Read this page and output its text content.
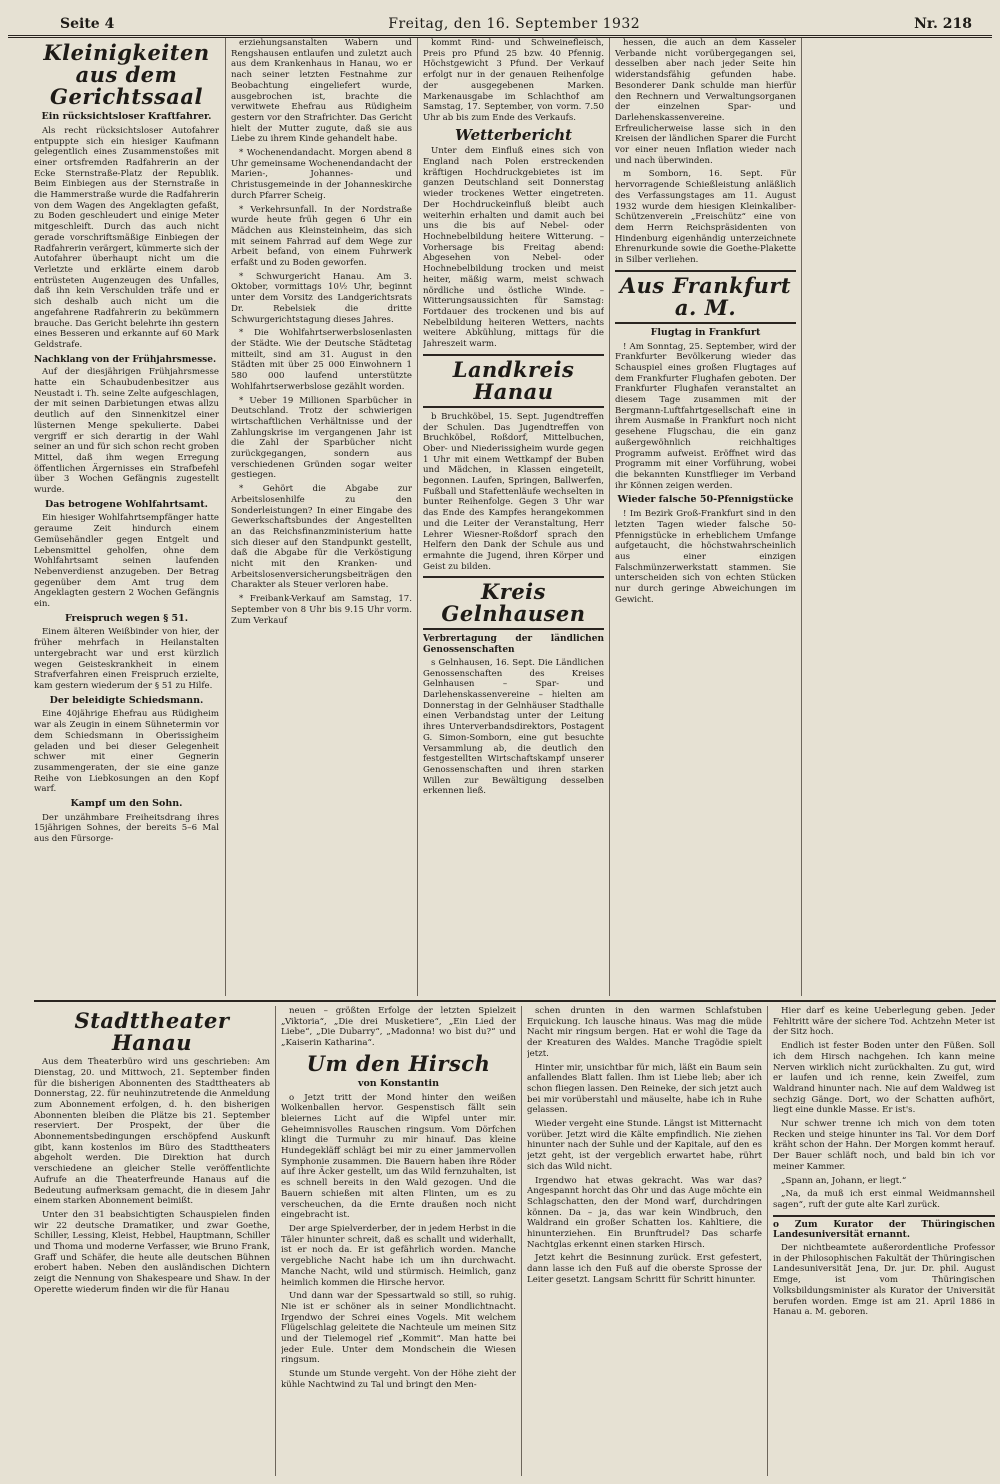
Seite 4	Freitag, den 16. September 1932	Nr. 218
Kleinigkeiten aus dem Gerichtssaal
Ein rücksichtsloser Kraftfahrer.

Als recht rücksichtsloser Autofahrer entpuppte sich ein hiesiger Kaufmann gelegentlich eines Zusammenstoßes mit einer ortsfremden Radfahrerin an der Ecke Sternstraße-Platz der Republik. Beim Einbiegen aus der Sternstraße in die Hammerstraße wurde die Radfahrerin von dem Wagen des Angeklagten gefaßt, zu Boden geschleudert und einige Meter mitgeschleift. Durch das auch nicht gerade vorschriftsmäßige Einbiegen der Radfahrerin verärgert, kümmerte sich der Autofahrer überhaupt nicht um die Verletzte und erklärte einem darob entrüsteten Augenzeugen des Unfalles, daß ihn kein Verschulden träfe und er sich deshalb auch nicht um die angefahrene Radfahrerin zu bekümmern brauche. Das Gericht belehrte ihn gestern eines Besseren und erkannte auf 60 Mark Geldstrafe.

Nachklang von der Frühjahrsmesse.

Auf der diesjährigen Frühjahrsmesse hatte ein Schaubudenbesitzer aus Neustadt i. Th. seine Zelte aufgeschlagen, der mit seinen Darbietungen etwas allzu deutlich auf den Sinnenkitzel einer lüsternen Menge spekulierte. Dabei vergriff er sich derartig in der Wahl seiner an und für sich schon recht groben Mittel, daß ihm wegen Erregung öffentlichen Ärgernisses ein Strafbefehl über 3 Wochen Gefängnis zugestellt wurde.

Das betrogene Wohlfahrtsamt.

Ein hiesiger Wohlfahrtsempfänger hatte geraume Zeit hindurch einem Gemüsehändler gegen Entgelt und Lebensmittel geholfen, ohne dem Wohlfahrtsamt seinen laufenden Nebenverdienst anzugeben. Der Betrag gegenüber dem Amt trug dem Angeklagten gestern 2 Wochen Gefängnis ein.

Freispruch wegen § 51.

Einem älteren Weißbinder von hier, der früher mehrfach in Heilanstalten untergebracht war und erst kürzlich wegen Geisteskrankheit in einem Strafverfahren einen Freispruch erzielte, kam gestern wiederum der § 51 zu Hilfe.

Der beleidigte Schiedsmann.

Eine 40jährige Ehefrau aus Rüdigheim war als Zeugin in einem Sühnetermin vor dem Schiedsmann in Oberissigheim geladen und bei dieser Gelegenheit schwer mit einer Gegnerin zusammengeraten, der sie eine ganze Reihe von Liebkosungen an den Kopf warf.

Kampf um den Sohn.

Der unzähmbare Freiheitsdrang ihres 15jährigen Sohnes, der bereits 5–6 Mal aus den Fürsorge-

erziehungsanstalten Wabern und Rengshausen entlaufen und zuletzt auch aus dem Krankenhaus in Hanau, wo er nach seiner letzten Festnahme zur Beobachtung eingeliefert wurde, ausgebrochen ist, brachte die verwitwete Ehefrau aus Rüdigheim gestern vor den Strafrichter. Das Gericht hielt der Mutter zugute, daß sie aus Liebe zu ihrem Kinde gehandelt habe.

* Wochenendandacht. Morgen abend 8 Uhr gemeinsame Wochenendandacht der Marien-, Johannes- und Christusgemeinde in der Johanneskirche durch Pfarrer Scheig.

* Verkehrsunfall. In der Nordstraße wurde heute früh gegen 6 Uhr ein Mädchen aus Kleinsteinheim, das sich mit seinem Fahrrad auf dem Wege zur Arbeit befand, von einem Fuhrwerk erfaßt und zu Boden geworfen.

* Schwurgericht Hanau. Am 3. Oktober, vormittags 10½ Uhr, beginnt unter dem Vorsitz des Landgerichtsrats Dr. Rebelsiek die dritte Schwurgerichtstagung dieses Jahres.

* Die Wohlfahrtserwerbslosenlasten der Städte. Wie der Deutsche Städtetag mitteilt, sind am 31. August in den Städten mit über 25 000 Einwohnern 1 580 000 laufend unterstützte Wohlfahrtserwerbslose gezählt worden.

* Ueber 19 Millionen Sparbücher in Deutschland. Trotz der schwierigen wirtschaftlichen Verhältnisse und der Zahlungskrise im vergangenen Jahr ist die Zahl der Sparbücher nicht zurückgegangen, sondern aus verschiedenen Gründen sogar weiter gestiegen.

* Gehört die Abgabe zur Arbeitslosenhilfe zu den Sonderleistungen? In einer Eingabe des Gewerkschaftsbundes der Angestellten an das Reichsfinanzministerium hatte sich dieser auf den Standpunkt gestellt, daß die Abgabe für die Verköstigung nicht mit den Kranken- und Arbeitslosenversicherungsbeiträgen den Charakter als Steuer verloren habe.

* Freibank-Verkauf am Samstag, 17. September von 8 Uhr bis 9.15 Uhr vorm. Zum Verkauf

kommt Rind- und Schweinefleisch, Preis pro Pfund 25 bzw. 40 Pfennig. Höchstgewicht 3 Pfund. Der Verkauf erfolgt nur in der genauen Reihenfolge der ausgegebenen Marken. Markenausgabe im Schlachthof am Samstag, 17. September, von vorm. 7.50 Uhr ab bis zum Ende des Verkaufs.

Wetterbericht

Unter dem Einfluß eines sich von England nach Polen erstreckenden kräftigen Hochdruckgebietes ist im ganzen Deutschland seit Donnerstag wieder trockenes Wetter eingetreten. Der Hochdruckeinfluß bleibt auch weiterhin erhalten und damit auch bei uns die bis auf Nebel- oder Hochnebelbildung heitere Witterung. – Vorhersage bis Freitag abend: Abgesehen von Nebel- oder Hochnebelbildung trocken und meist heiter, mäßig warm, meist schwach nördliche und östliche Winde. – Witterungsaussichten für Samstag: Fortdauer des trockenen und bis auf Nebelbildung heiteren Wetters, nachts weitere Abkühlung, mittags für die Jahreszeit warm.

Landkreis Hanau

b Bruchköbel, 15. Sept. Jugendtreffen der Schulen. Das Jugendtreffen von Bruchköbel, Roßdorf, Mittelbuchen, Ober- und Niederissigheim wurde gegen 1 Uhr mit einem Wettkampf der Buben und Mädchen, in Klassen eingeteilt, begonnen. Laufen, Springen, Ballwerfen, Fußball und Stafettenläufe wechselten in bunter Reihenfolge. Gegen 3 Uhr war das Ende des Kampfes herangekommen und die Leiter der Veranstaltung, Herr Lehrer Wiesner-Roßdorf sprach den Helfern den Dank der Schule aus und ermahnte die Jugend, ihren Körper und Geist zu bilden.

Kreis Gelnhausen
Verbrertagung der ländlichen Genossenschaften

s Gelnhausen, 16. Sept. Die Ländlichen Genossenschaften des Kreises Gelnhausen – Spar- und Darlehenskassenvereine – hielten am Donnerstag in der Gelnhäuser Stadthalle einen Verbandstag unter der Leitung ihres Unterverbandsdirektors, Postagent G. Simon-Somborn, eine gut besuchte Versammlung ab, die deutlich den festgestellten Wirtschaftskampf unserer Genossenschaften und ihren starken Willen zur Bewältigung desselben erkennen ließ.

hessen, die auch an dem Kasseler Verbande nicht vorübergegangen sei, desselben aber nach jeder Seite hin widerstandsfähig gefunden habe. Besonderer Dank schulde man hierfür den Rechnern und Verwaltungsorganen der einzelnen Spar- und Darlehenskassenvereine. Erfreulicherweise lasse sich in den Kreisen der ländlichen Sparer die Furcht vor einer neuen Inflation wieder nach und nach überwinden.

m Somborn, 16. Sept. Für hervorragende Schießleistung anläßlich des Verfassungstages am 11. August 1932 wurde dem hiesigen Kleinkaliber-Schützenverein „Freischütz“ eine von dem Herrn Reichspräsidenten von Hindenburg eigenhändig unterzeichnete Ehrenurkunde sowie die Goethe-Plakette in Silber verliehen.

Aus Frankfurt a. M.
Flugtag in Frankfurt

! Am Sonntag, 25. September, wird der Frankfurter Bevölkerung wieder das Schauspiel eines großen Flugtages auf dem Frankfurter Flughafen geboten. Der Frankfurter Flughafen veranstaltet an diesem Tage zusammen mit der Bergmann-Luftfahrtgesellschaft eine in ihrem Ausmaße in Frankfurt noch nicht gesehene Flugschau, die ein ganz außergewöhnlich reichhaltiges Programm aufweist. Eröffnet wird das Programm mit einer Vorführung, wobei die bekannten Kunstflieger im Verband ihr Können zeigen werden.

Wieder falsche 50-Pfennigstücke

! Im Bezirk Groß-Frankfurt sind in den letzten Tagen wieder falsche 50-Pfennigstücke in erheblichem Umfange aufgetaucht, die höchstwahrscheinlich aus einer einzigen Falschmünzerwerkstatt stammen. Sie unterscheiden sich von echten Stücken nur durch geringe Abweichungen im Gewicht.

Stadttheater Hanau

Aus dem Theaterbüro wird uns geschrieben: Am Dienstag, 20. und Mittwoch, 21. September finden für die bisherigen Abonnenten des Stadttheaters ab Donnerstag, 22. für neuhinzutretende die Anmeldung zum Abonnement erfolgen, d. h. den bisherigen Abonnenten bleiben die Plätze bis 21. September reserviert. Der Prospekt, der über die Abonnementsbedingungen erschöpfend Auskunft gibt, kann kostenlos im Büro des Stadttheaters abgeholt werden. Die Direktion hat durch verschiedene an gleicher Stelle veröffentlichte Aufrufe an die Theaterfreunde Hanaus auf die Bedeutung aufmerksam gemacht, die in diesem Jahr einem starken Abonnement beimißt.

Unter den 31 beabsichtigten Schauspielen finden wir 22 deutsche Dramatiker, und zwar Goethe, Schiller, Lessing, Kleist, Hebbel, Hauptmann, Schiller und Thoma und moderne Verfasser, wie Bruno Frank, Graff und Schäfer, die heute alle deutschen Bühnen erobert haben. Neben den ausländischen Dichtern zeigt die Nennung von Shakespeare und Shaw. In der Operette wiederum finden wir die für Hanau

neuen – größten Erfolge der letzten Spielzeit „Viktoria“, „Die drei Musketiere“, „Ein Lied der Liebe“, „Die Dubarry“, „Madonna! wo bist du?“ und „Kaiserin Katharina“.

Um den Hirsch
von Konstantin

o Jetzt tritt der Mond hinter den weißen Wolkenballen hervor. Gespenstisch fällt sein bleiernes Licht auf die Wipfel unter mir. Geheimnisvolles Rauschen ringsum. Vom Dörfchen klingt die Turmuhr zu mir hinauf. Das kleine Hundegekläff schlägt bei mir zu einer jammervollen Symphonie zusammen. Die Bauern haben ihre Röder auf ihre Äcker gestellt, um das Wild fernzuhalten, ist es schnell bereits in den Wald gezogen. Und die Bauern schießen mit alten Flinten, um es zu verscheuchen, da die Ernte draußen noch nicht eingebracht ist.

Der arge Spielverderber, der in jedem Herbst in die Täler hinunter schreit, daß es schallt und widerhallt, ist er noch da. Er ist gefährlich worden. Manche vergebliche Nacht habe ich um ihn durchwacht. Manche Nacht, wild und stürmisch. Heimlich, ganz heimlich kommen die Hirsche hervor.

Und dann war der Spessartwald so still, so ruhig. Nie ist er schöner als in seiner Mondlichtnacht. Irgendwo der Schrei eines Vogels. Mit welchem Flügelschlag geleitete die Nachteule um meinen Sitz und der Tielemogel rief „Kommit“. Man hatte bei jeder Eule. Unter dem Mondschein die Wiesen ringsum.

Stunde um Stunde vergeht. Von der Höhe zieht der kühle Nachtwind zu Tal und bringt den Men-

schen drunten in den warmen Schlafstuben Erquickung. Ich lausche hinaus. Was mag die müde Nacht mir ringsum bergen. Hat er wohl die Tage da der Kreaturen des Waldes. Manche Tragödie spielt jetzt.

Hinter mir, unsichtbar für mich, läßt ein Baum sein anfallendes Blatt fallen. Ihm ist Liebe lieb; aber ich schon fliegen lassen. Den Reineke, der sich jetzt auch bei mir vorüberstahl und mäuselte, habe ich in Ruhe gelassen.

Wieder vergeht eine Stunde. Längst ist Mitternacht vorüber. Jetzt wird die Kälte empfindlich. Nie ziehen hinunter nach der Suhle und der Kapitale, auf den es jetzt geht, ist der vergeblich erwartet habe, rührt sich das Wild nicht.

Irgendwo hat etwas gekracht. Was war das? Angespannt horcht das Ohr und das Auge möchte ein Schlagschatten, den der Mond warf, durchdringen können. Da – ja, das war kein Windbruch, den Waldrand ein großer Schatten los. Kahltiere, die hinunterziehen. Ein Brunftrudel? Das scharfe Nachtglas erkennt einen starken Hirsch.

Jetzt kehrt die Besinnung zurück. Erst gefestert, dann lasse ich den Fuß auf die oberste Sprosse der Leiter gesetzt. Langsam Schritt für Schritt hinunter.

Hier darf es keine Ueberlegung geben. Jeder Fehltritt wäre der sichere Tod. Achtzehn Meter ist der Sitz hoch.

Endlich ist fester Boden unter den Füßen. Soll ich dem Hirsch nachgehen. Ich kann meine Nerven wirklich nicht zurückhalten. Zu gut, wird er laufen und ich renne, kein Zweifel, zum Waldrand hinunter nach. Nie auf dem Waldweg ist sechzig Gänge. Dort, wo der Schatten aufhört, liegt eine dunkle Masse. Er ist's.

Nur schwer trenne ich mich von dem toten Recken und steige hinunter ins Tal. Vor dem Dorf kräht schon der Hahn. Der Morgen kommt herauf. Der Bauer schläft noch, und bald bin ich vor meiner Kammer.

„Spann an, Johann, er liegt.“

„Na, da muß ich erst einmal Weidmannsheil sagen“, ruft der gute alte Karl zurück.

o Zum Kurator der Thüringischen Landesuniversität ernannt.

Der nichtbeamtete außerordentliche Professor in der Philosophischen Fakultät der Thüringischen Landesuniversität Jena, Dr. jur. Dr. phil. August Emge, ist vom Thüringischen Volksbildungsminister als Kurator der Universität berufen worden. Emge ist am 21. April 1886 in Hanau a. M. geboren.
